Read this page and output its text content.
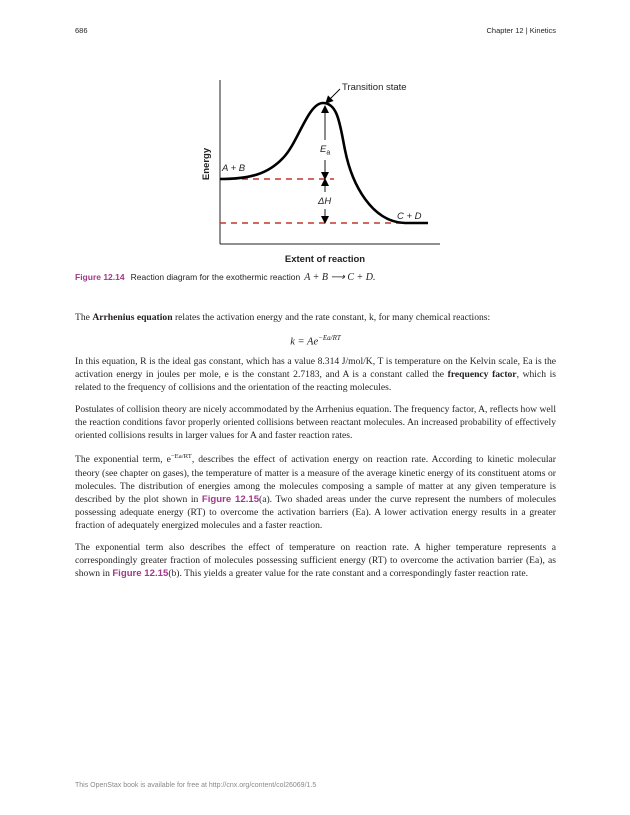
686	Chapter 12 | Kinetics
Transition state
Energy
Extent of reaction
A + B
C + D
$E_a$
ΔH
Figure 12.14 Reaction diagram for the exothermic reaction A + B ⟶ C + D.

The Arrhenius equation relates the activation energy and the rate constant, k, for many chemical reactions:

$k = Ae^{-Ea/RT}$

In this equation, R is the ideal gas constant, which has a value 8.314 J/mol/K, T is temperature on the Kelvin scale, Ea is the activation energy in joules per mole, e is the constant 2.7183, and A is a constant called the frequency factor, which is related to the frequency of collisions and the orientation of the reacting molecules.

Postulates of collision theory are nicely accommodated by the Arrhenius equation. The frequency factor, A, reflects how well the reaction conditions favor properly oriented collisions between reactant molecules. An increased probability of effectively oriented collisions results in larger values for A and faster reaction rates.

The exponential term, $e^{-Ea/RT}$, describes the effect of activation energy on reaction rate. According to kinetic molecular theory (see chapter on gases), the temperature of matter is a measure of the average kinetic energy of its constituent atoms or molecules. The distribution of energies among the molecules composing a sample of matter at any given temperature is described by the plot shown in Figure 12.15(a). Two shaded areas under the curve represent the numbers of molecules possessing adequate energy (RT) to overcome the activation barriers (Ea). A lower activation energy results in a greater fraction of adequately energized molecules and a faster reaction.

The exponential term also describes the effect of temperature on reaction rate. A higher temperature represents a correspondingly greater fraction of molecules possessing sufficient energy (RT) to overcome the activation barrier (Ea), as shown in Figure 12.15(b). This yields a greater value for the rate constant and a correspondingly faster reaction rate.

This OpenStax book is available for free at http://cnx.org/content/col26069/1.5
